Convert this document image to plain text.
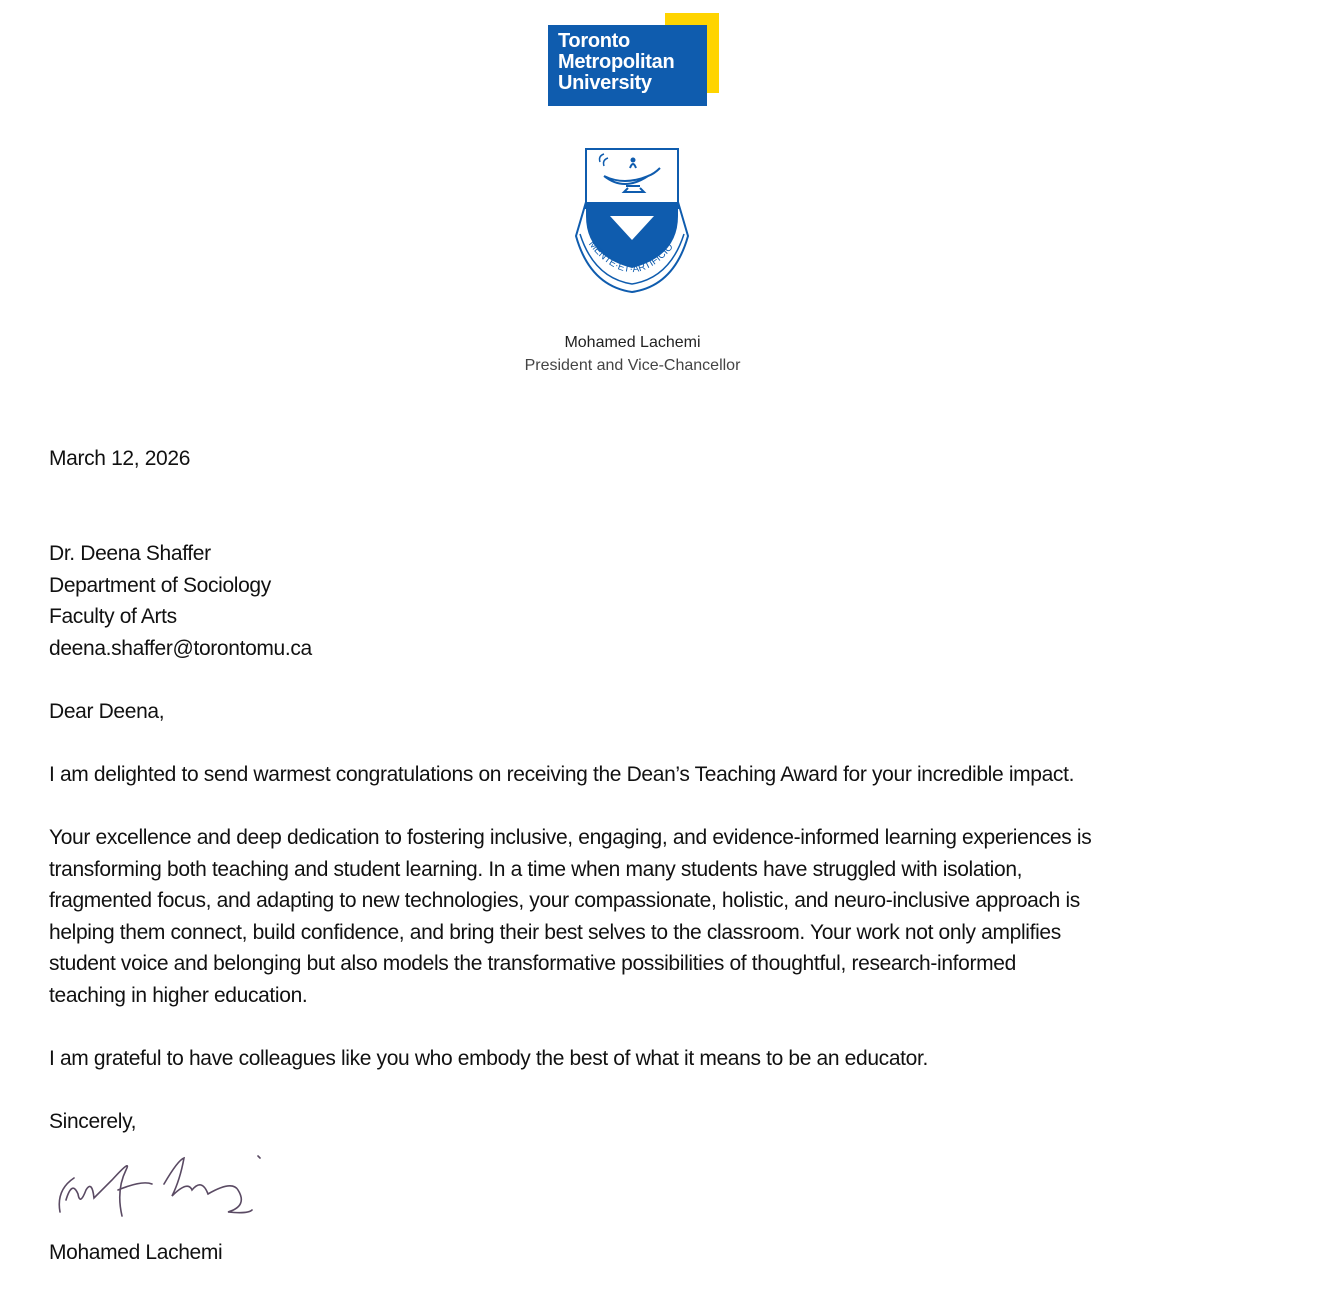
Toronto
Metropolitan
University
MENTE·ET·ARTIFICIO
Mohamed Lachemi
President and Vice-Chancellor
March 12, 2026
Dr. Deena Shaffer
Department of Sociology
Faculty of Arts
deena.shaffer@torontomu.ca
Dear Deena,
I am delighted to send warmest congratulations on receiving the Dean’s Teaching Award for your incredible impact.
Your excellence and deep dedication to fostering inclusive, engaging, and evidence-informed learning experiences is
transforming both teaching and student learning. In a time when many students have struggled with isolation,
fragmented focus, and adapting to new technologies, your compassionate, holistic, and neuro-inclusive approach is
helping them connect, build confidence, and bring their best selves to the classroom. Your work not only amplifies
student voice and belonging but also models the transformative possibilities of thoughtful, research-informed
teaching in higher education.
I am grateful to have colleagues like you who embody the best of what it means to be an educator.
Sincerely,
Mohamed Lachemi
